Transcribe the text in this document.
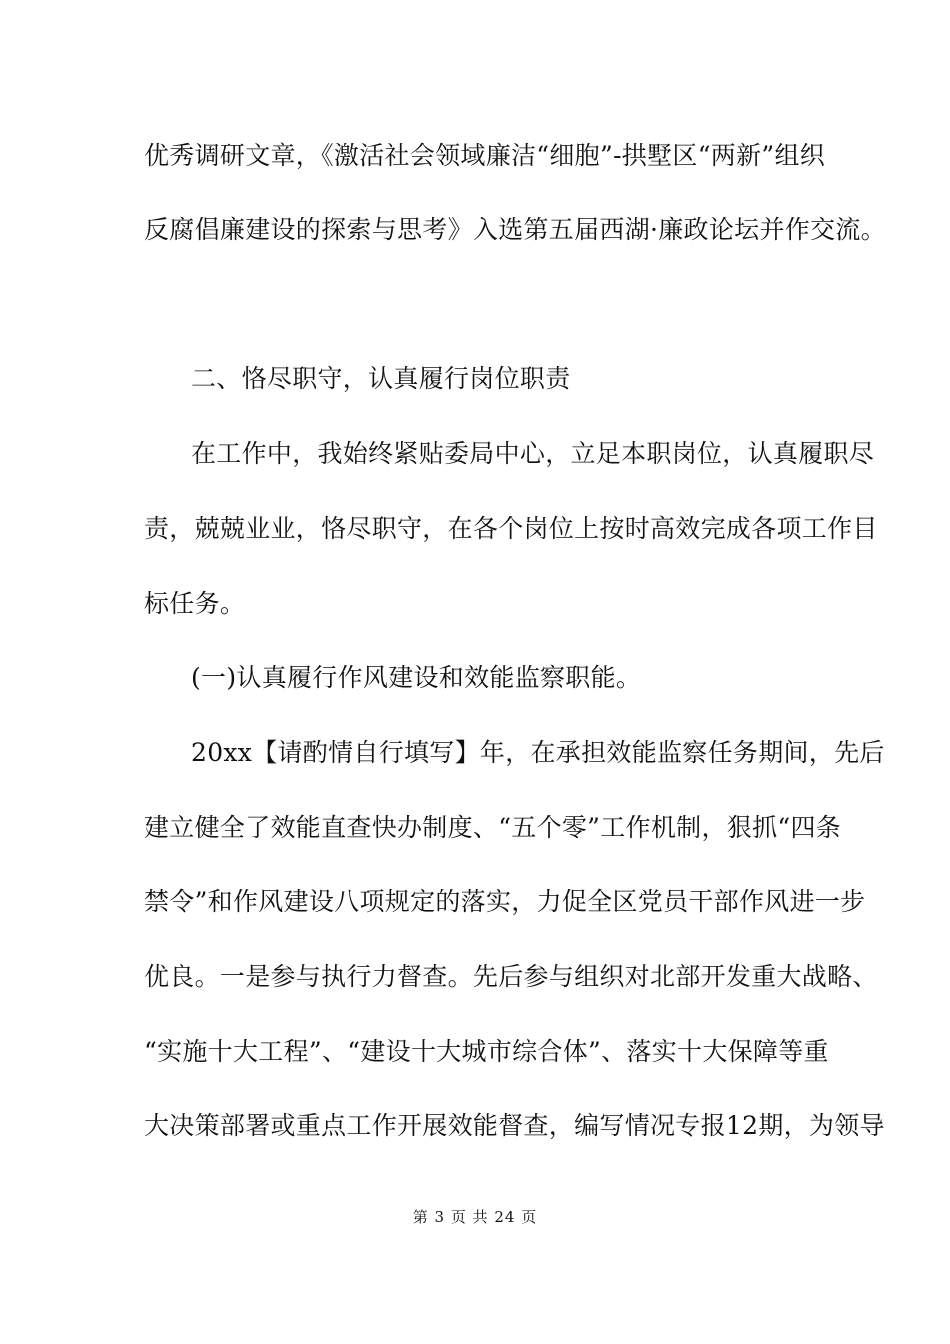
优秀调研文章，《激活社会领域廉洁“细胞”-拱墅区“两新”组织
反腐倡廉建设的探索与思考》入选第五届西湖·廉政论坛并作交流。
二、恪尽职守，认真履行岗位职责
在工作中，我始终紧贴委局中心，立足本职岗位，认真履职尽
责，兢兢业业，恪尽职守，在各个岗位上按时高效完成各项工作目
标任务。
(一)认真履行作风建设和效能监察职能。
20xx【请酌情自行填写】年，在承担效能监察任务期间，先后
建立健全了效能直查快办制度、“五个零”工作机制，狠抓“四条
禁令”和作风建设八项规定的落实，力促全区党员干部作风进一步
优良。一是参与执行力督查。先后参与组织对北部开发重大战略、
“实施十大工程”、“建设十大城市综合体”、落实十大保障等重
大决策部署或重点工作开展效能督查，编写情况专报12期，为领导
第 3 页 共 24 页
